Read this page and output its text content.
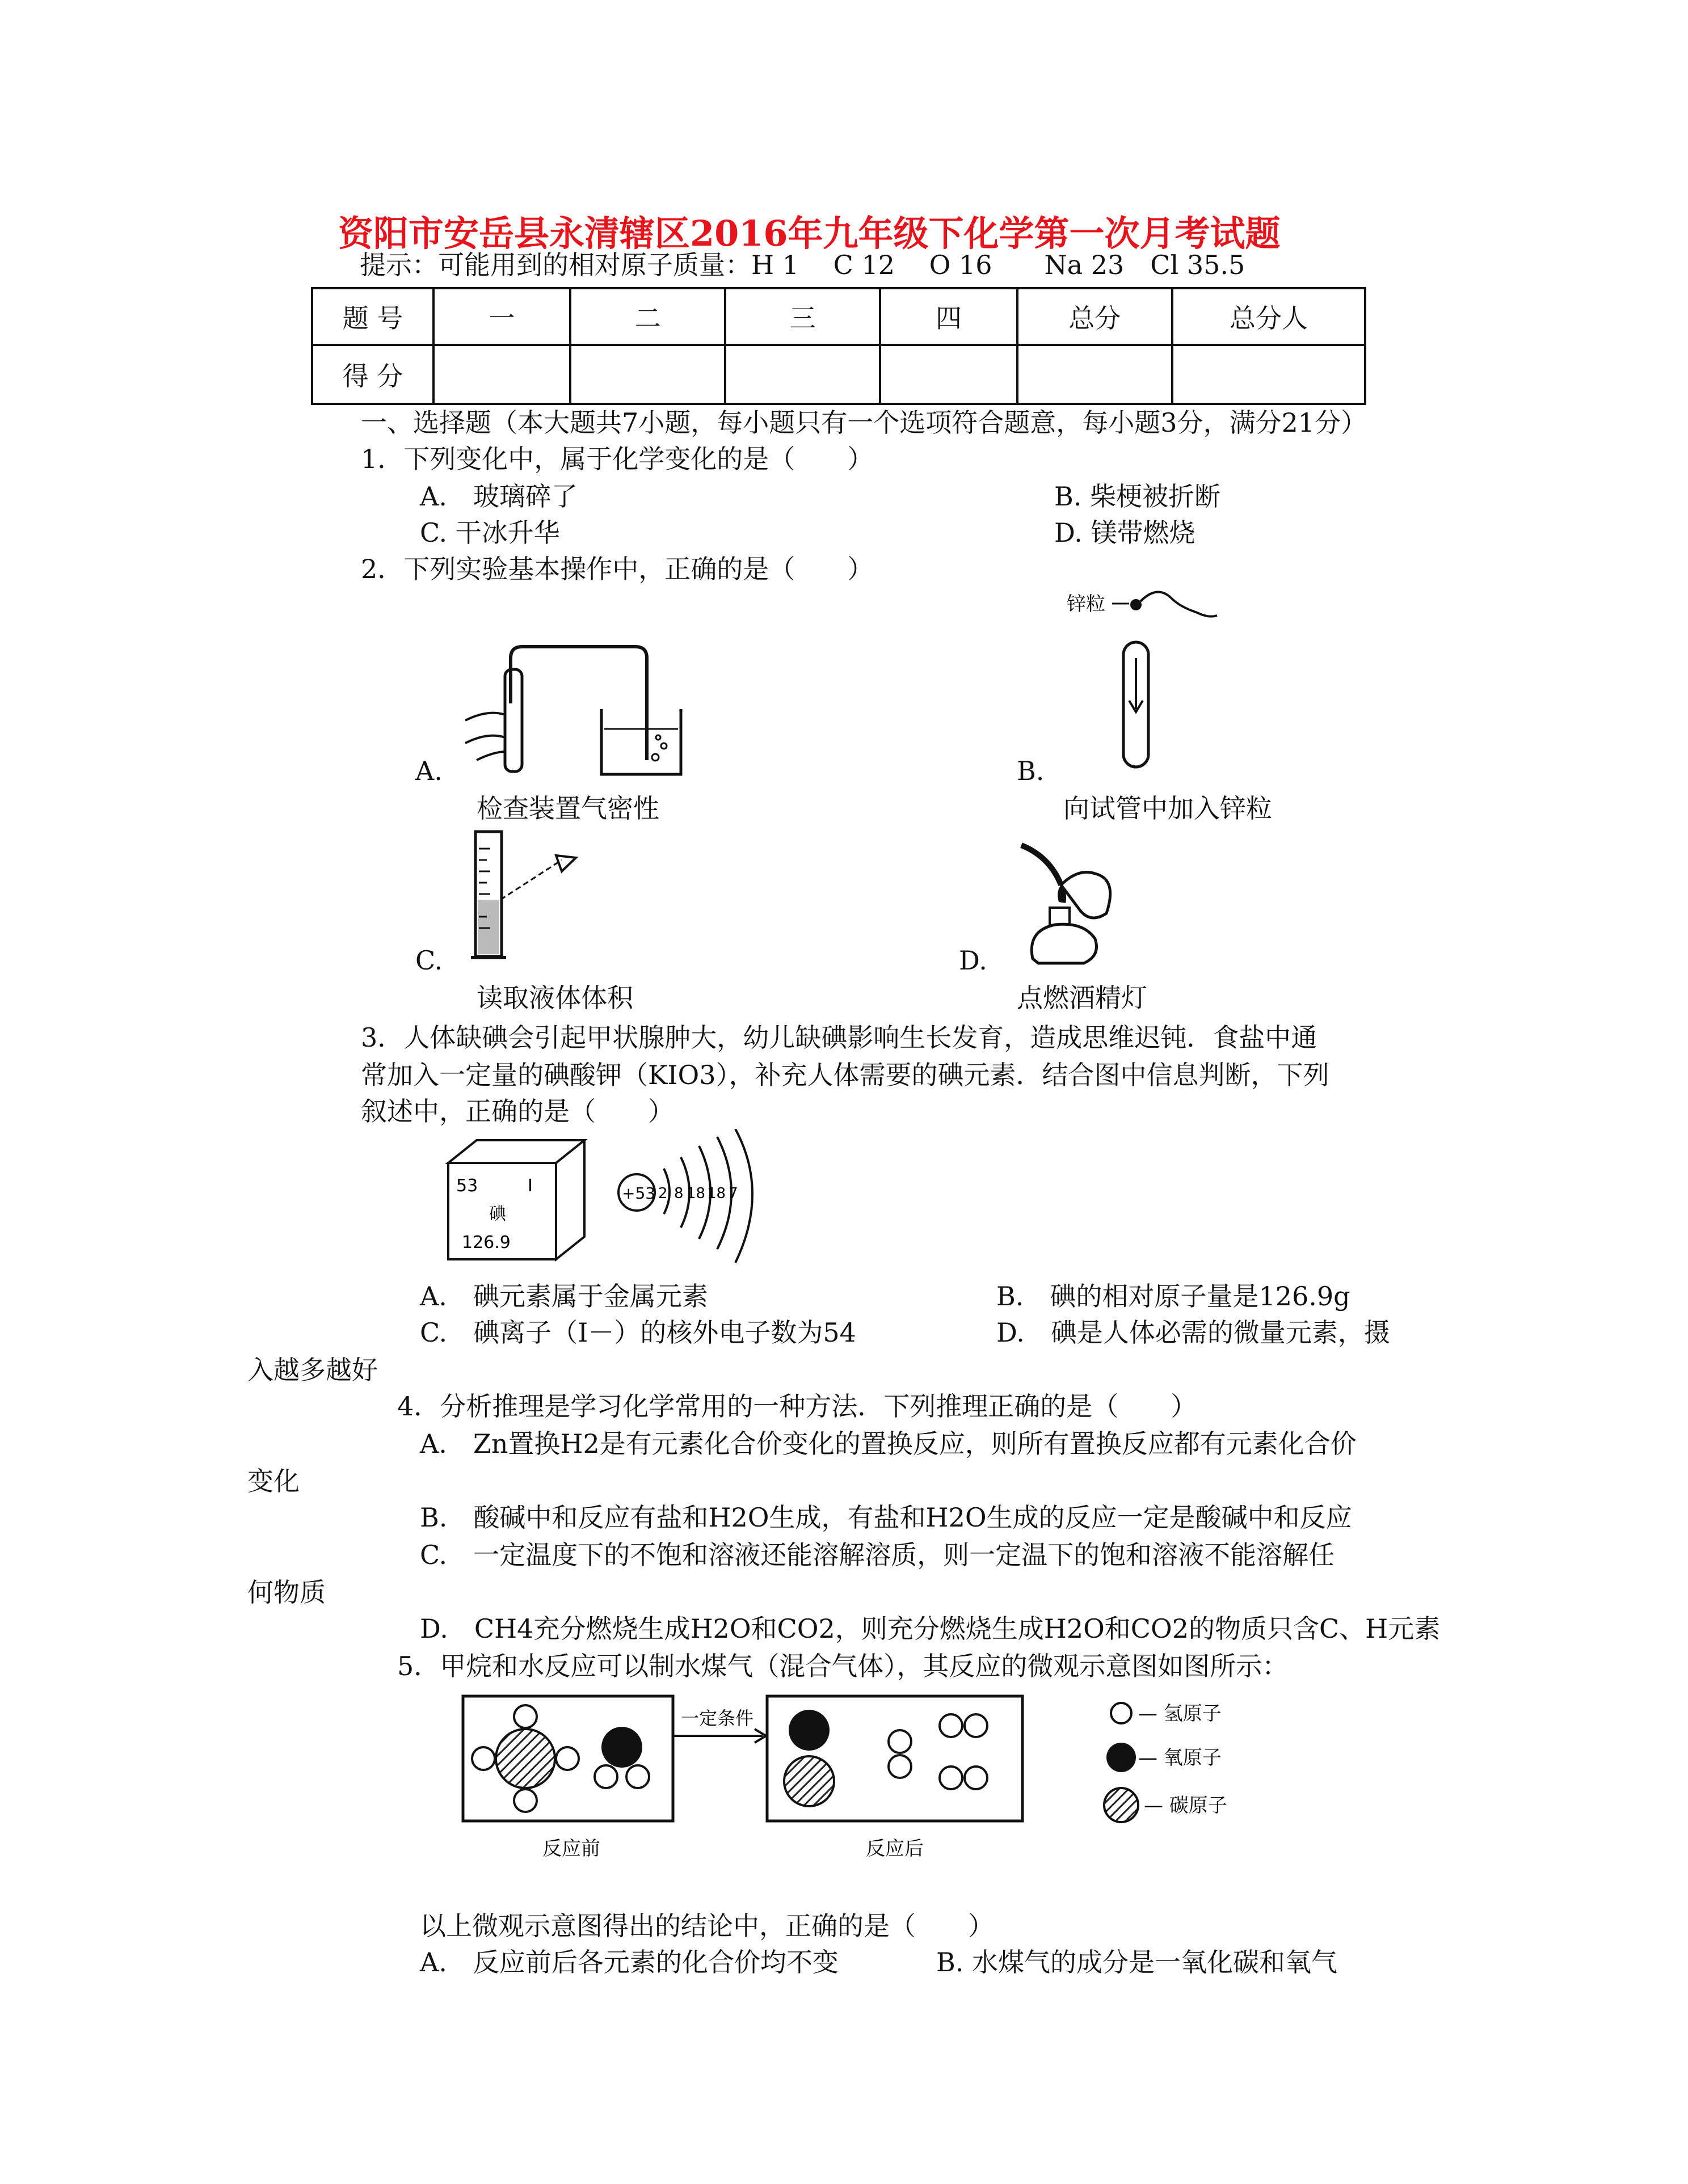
资阳市安岳县永清辖区2016年九年级下化学第一次月考试题
提示：可能用到的相对原子质量：H 1　 C 12　 O 16　　Na 23　Cl 35.5
题 号	一	二	三	四	总分	总分人
得 分						
一、选择题（本大题共7小题，每小题只有一个选项符合题意，每小题3分，满分21分）
1．下列变化中，属于化学变化的是（　　）
A.　玻璃碎了	B. 柴梗被折断
C. 干冰升华	D. 镁带燃烧
2．下列实验基本操作中，正确的是（　　）
A.
检查装置气密性
锌粒
B.
向试管中加入锌粒
C.
读取液体体积
D.
点燃酒精灯
3．人体缺碘会引起甲状腺肿大，幼儿缺碘影响生长发育，造成思维迟钝．食盐中通
常加入一定量的碘酸钾（KIO3），补充人体需要的碘元素．结合图中信息判断，下列
叙述中，正确的是（　　）
53	I
碘
126.9
+53 2 8 18 18 7
A.　碘元素属于金属元素	B.　碘的相对原子量是126.9g
C.　碘离子（I－）的核外电子数为54	D.　碘是人体必需的微量元素，摄
入越多越好
4．分析推理是学习化学常用的一种方法．下列推理正确的是（　　）
A.　Zn置换H2是有元素化合价变化的置换反应，则所有置换反应都有元素化合价
变化
B.　酸碱中和反应有盐和H2O生成，有盐和H2O生成的反应一定是酸碱中和反应
C.　一定温度下的不饱和溶液还能溶解溶质，则一定温下的饱和溶液不能溶解任
何物质
D.　CH4充分燃烧生成H2O和CO2，则充分燃烧生成H2O和CO2的物质只含C、H元素
5．甲烷和水反应可以制水煤气（混合气体），其反应的微观示意图如图所示：
一定条件
反应前	反应后
— 氢原子
— 氧原子
— 碳原子
以上微观示意图得出的结论中，正确的是（　　）
A.　反应前后各元素的化合价均不变	B. 水煤气的成分是一氧化碳和氧气
